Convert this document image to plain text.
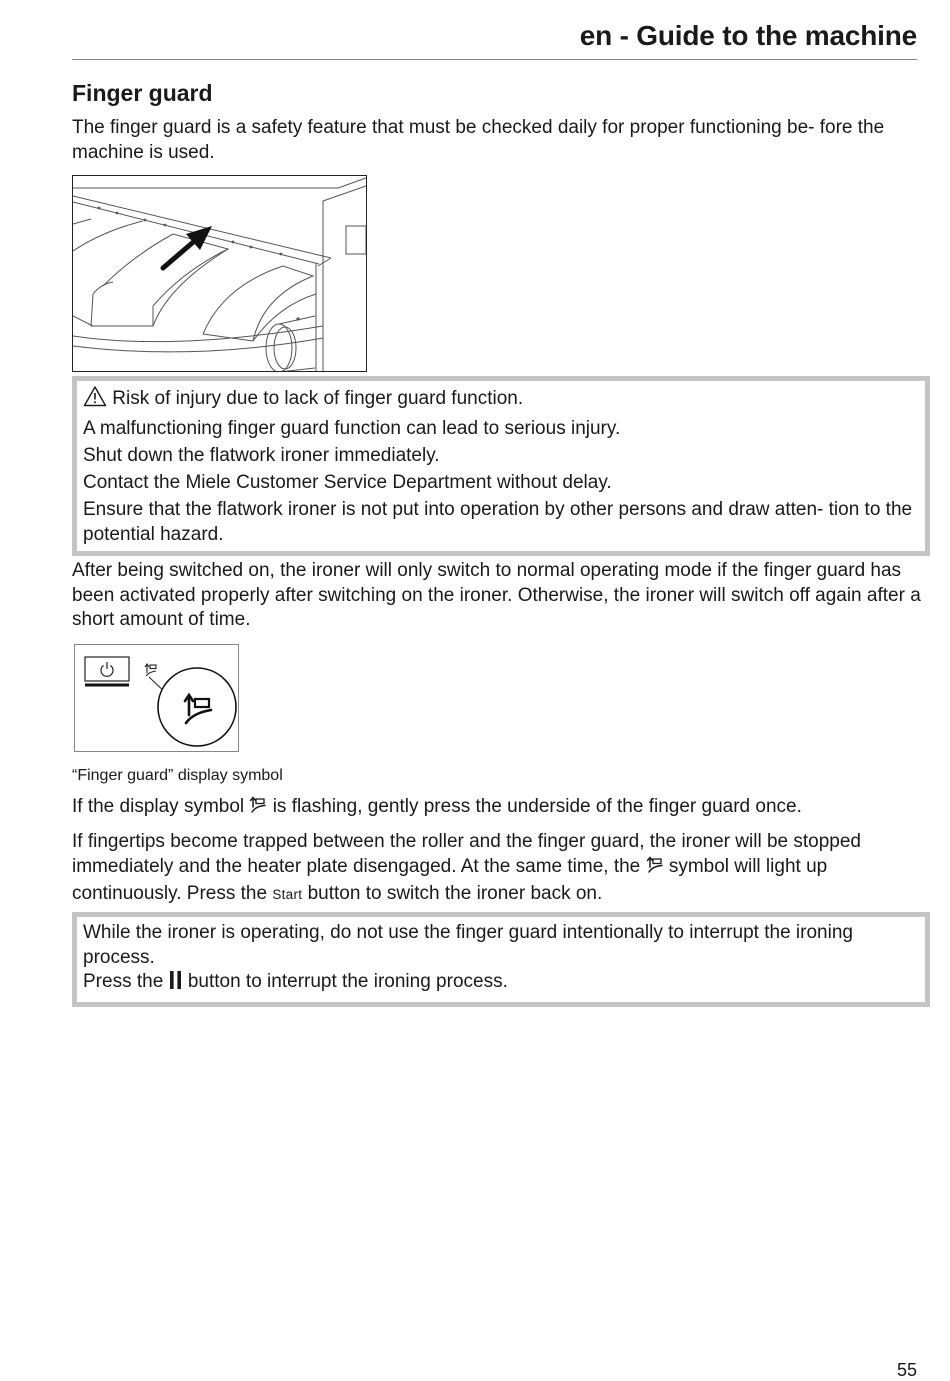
en - Guide to the machine
Finger guard
The finger guard is a safety feature that must be checked daily for proper functioning be- fore the machine is used.

Risk of injury due to lack of finger guard function.

A malfunctioning finger guard function can lead to serious injury.

Shut down the flatwork ironer immediately.

Contact the Miele Customer Service Department without delay.

Ensure that the flatwork ironer is not put into operation by other persons and draw atten- tion to the potential hazard.

After being switched on, the ironer will only switch to normal operating mode if the finger guard has been activated properly after switching on the ironer. Otherwise, the ironer will switch off again after a short amount of time.
“Finger guard” display symbol
If the display symbol is flashing, gently press the underside of the finger guard once.
If fingertips become trapped between the roller and the finger guard, the ironer will be stopped immediately and the heater plate disengaged. At the same time, the symbol will light up continuously. Press the Start button to switch the ironer back on.

While the ironer is operating, do not use the finger guard intentionally to interrupt the ironing process.

Press the button to interrupt the ironing process.

55
